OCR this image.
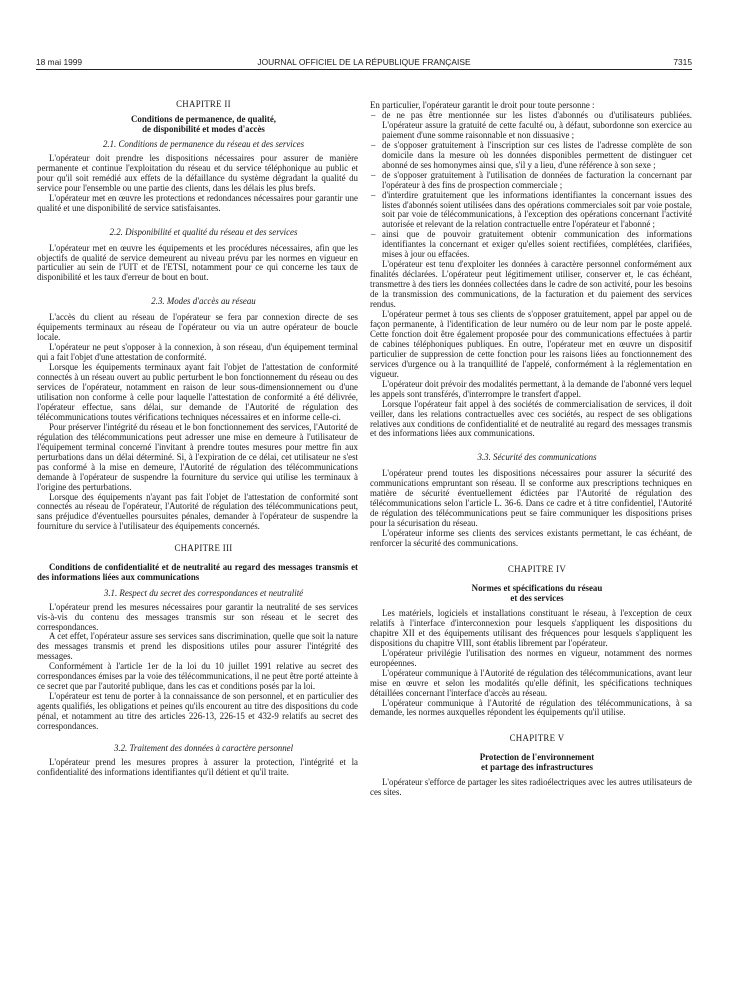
JOURNAL OFFICIEL DE LA RÉPUBLIQUE FRANÇAISE
18 mai 1999	7315

CHAPITRE II

Conditions de permanence, de qualité,

de disponibilité et modes d'accès

2.1. Conditions de permanence du réseau et des services

L'opérateur doit prendre les dispositions nécessaires pour assurer de manière permanente et continue l'exploitation du réseau et du service téléphonique au public et pour qu'il soit remédié aux effets de la défaillance du système dégradant la qualité du service pour l'ensemble ou une partie des clients, dans les délais les plus brefs.

L'opérateur met en œuvre les protections et redondances nécessaires pour garantir une qualité et une disponibilité de service satisfaisantes.

2.2. Disponibilité et qualité du réseau et des services

L'opérateur met en œuvre les équipements et les procédures nécessaires, afin que les objectifs de qualité de service demeurent au niveau prévu par les normes en vigueur en particulier au sein de l'UIT et de l'ETSI, notamment pour ce qui concerne les taux de disponibilité et les taux d'erreur de bout en bout.

2.3. Modes d'accès au réseau

L'accès du client au réseau de l'opérateur se fera par connexion directe de ses équipements terminaux au réseau de l'opérateur ou via un autre opérateur de boucle locale.

L'opérateur ne peut s'opposer à la connexion, à son réseau, d'un équipement terminal qui a fait l'objet d'une attestation de conformité.

Lorsque les équipements terminaux ayant fait l'objet de l'attestation de conformité connectés à un réseau ouvert au public perturbent le bon fonctionnement du réseau ou des services de l'opérateur, notamment en raison de leur sous-dimensionnement ou d'une utilisation non conforme à celle pour laquelle l'attestation de conformité a été délivrée, l'opérateur effectue, sans délai, sur demande de l'Autorité de régulation des télécommunications toutes vérifications techniques nécessaires et en informe celle-ci.

Pour préserver l'intégrité du réseau et le bon fonctionnement des services, l'Autorité de régulation des télécommunications peut adresser une mise en demeure à l'utilisateur de l'équipement terminal concerné l'invitant à prendre toutes mesures pour mettre fin aux perturbations dans un délai déterminé. Si, à l'expiration de ce délai, cet utilisateur ne s'est pas conformé à la mise en demeure, l'Autorité de régulation des télécommunications demande à l'opérateur de suspendre la fourniture du service qui utilise les terminaux à l'origine des perturbations.

Lorsque des équipements n'ayant pas fait l'objet de l'attestation de conformité sont connectés au réseau de l'opérateur, l'Autorité de régulation des télécommunications peut, sans préjudice d'éventuelles poursuites pénales, demander à l'opérateur de suspendre la fourniture du service à l'utilisateur des équipements concernés.

CHAPITRE III

Conditions de confidentialité et de neutralité au regard des messages transmis et des informations liées aux communications

3.1. Respect du secret des correspondances et neutralité

L'opérateur prend les mesures nécessaires pour garantir la neutralité de ses services vis-à-vis du contenu des messages transmis sur son réseau et le secret des correspondances.

A cet effet, l'opérateur assure ses services sans discrimination, quelle que soit la nature des messages transmis et prend les dispositions utiles pour assurer l'intégrité des messages.

Conformément à l'article 1er de la loi du 10 juillet 1991 relative au secret des correspondances émises par la voie des télécommunications, il ne peut être porté atteinte à ce secret que par l'autorité publique, dans les cas et conditions posés par la loi.

L'opérateur est tenu de porter à la connaissance de son personnel, et en particulier des agents qualifiés, les obligations et peines qu'ils encourent au titre des dispositions du code pénal, et notamment au titre des articles 226-13, 226-15 et 432-9 relatifs au secret des correspondances.

3.2. Traitement des données à caractère personnel

L'opérateur prend les mesures propres à assurer la protection, l'intégrité et la confidentialité des informations identifiantes qu'il détient et qu'il traite.

En particulier, l'opérateur garantit le droit pour toute personne :

– de ne pas être mentionnée sur les listes d'abonnés ou d'utilisateurs publiées. L'opérateur assure la gratuité de cette faculté ou, à défaut, subordonne son exercice au paiement d'une somme raisonnable et non dissuasive ;
– de s'opposer gratuitement à l'inscription sur ces listes de l'adresse complète de son domicile dans la mesure où les données disponibles permettent de distinguer cet abonné de ses homonymes ainsi que, s'il y a lieu, d'une référence à son sexe ;
– de s'opposer gratuitement à l'utilisation de données de facturation la concernant par l'opérateur à des fins de prospection commerciale ;
– d'interdire gratuitement que les informations identifiantes la concernant issues des listes d'abonnés soient utilisées dans des opérations commerciales soit par voie postale, soit par voie de télécommunications, à l'exception des opérations concernant l'activité autorisée et relevant de la relation contractuelle entre l'opérateur et l'abonné ;
– ainsi que de pouvoir gratuitement obtenir communication des informations identifiantes la concernant et exiger qu'elles soient rectifiées, complétées, clarifiées, mises à jour ou effacées.

L'opérateur est tenu d'exploiter les données à caractère personnel conformément aux finalités déclarées. L'opérateur peut légitimement utiliser, conserver et, le cas échéant, transmettre à des tiers les données collectées dans le cadre de son activité, pour les besoins de la transmission des communications, de la facturation et du paiement des services rendus.

L'opérateur permet à tous ses clients de s'opposer gratuitement, appel par appel ou de façon permanente, à l'identification de leur numéro ou de leur nom par le poste appelé. Cette fonction doit être également proposée pour des communications effectuées à partir de cabines téléphoniques publiques. En outre, l'opérateur met en œuvre un dispositif particulier de suppression de cette fonction pour les raisons liées au fonctionnement des services d'urgence ou à la tranquillité de l'appelé, conformément à la réglementation en vigueur.

L'opérateur doit prévoir des modalités permettant, à la demande de l'abonné vers lequel les appels sont transférés, d'interrompre le transfert d'appel.

Lorsque l'opérateur fait appel à des sociétés de commercialisation de services, il doit veiller, dans les relations contractuelles avec ces sociétés, au respect de ses obligations relatives aux conditions de confidentialité et de neutralité au regard des messages transmis et des informations liées aux communications.

3.3. Sécurité des communications

L'opérateur prend toutes les dispositions nécessaires pour assurer la sécurité des communications empruntant son réseau. Il se conforme aux prescriptions techniques en matière de sécurité éventuellement édictées par l'Autorité de régulation des télécommunications selon l'article L. 36-6. Dans ce cadre et à titre confidentiel, l'Autorité de régulation des télécommunications peut se faire communiquer les dispositions prises pour la sécurisation du réseau.

L'opérateur informe ses clients des services existants permettant, le cas échéant, de renforcer la sécurité des communications.

CHAPITRE IV

Normes et spécifications du réseau

et des services

Les matériels, logiciels et installations constituant le réseau, à l'exception de ceux relatifs à l'interface d'interconnexion pour lesquels s'appliquent les dispositions du chapitre XII et des équipements utilisant des fréquences pour lesquels s'appliquent les dispositions du chapitre VIII, sont établis librement par l'opérateur.

L'opérateur privilégie l'utilisation des normes en vigueur, notamment des normes européennes.

L'opérateur communique à l'Autorité de régulation des télécommunications, avant leur mise en œuvre et selon les modalités qu'elle définit, les spécifications techniques détaillées concernant l'interface d'accès au réseau.

L'opérateur communique à l'Autorité de régulation des télécommunications, à sa demande, les normes auxquelles répondent les équipements qu'il utilise.

CHAPITRE V

Protection de l'environnement

et partage des infrastructures

L'opérateur s'efforce de partager les sites radioélectriques avec les autres utilisateurs de ces sites.
